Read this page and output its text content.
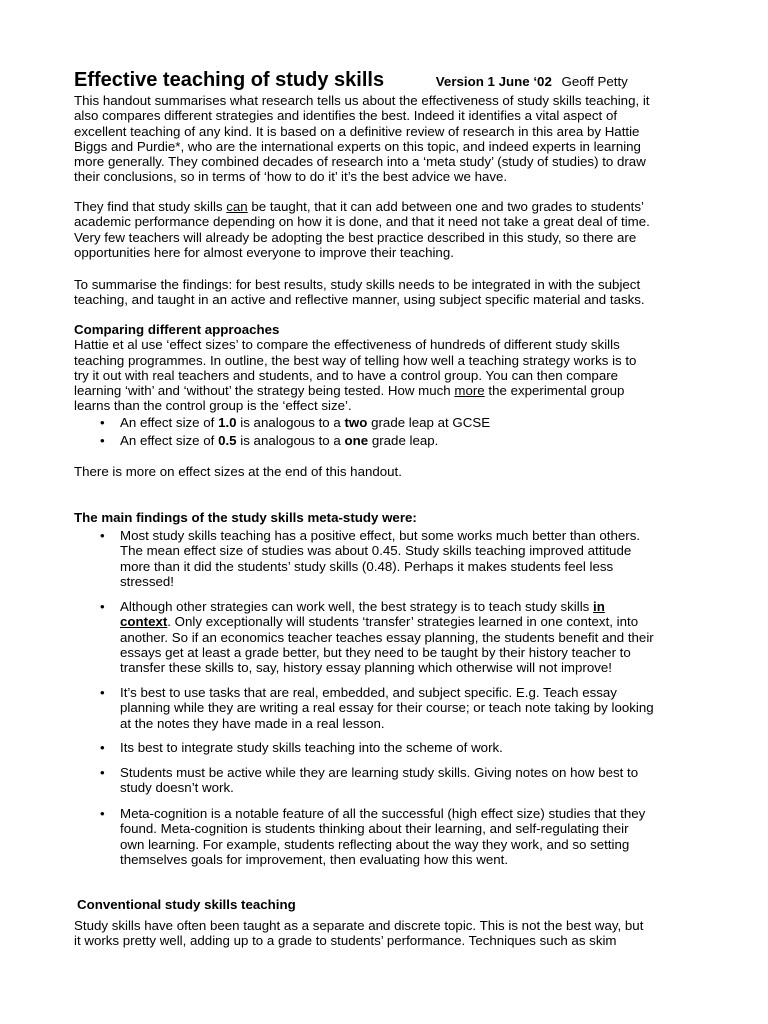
Effective teaching of study skills	Version 1 June ‘02 Geoff Petty
This handout summarises what research tells us about the effectiveness of study skills teaching, it
also compares different strategies and identifies the best. Indeed it identifies a vital aspect of
excellent teaching of any kind. It is based on a definitive review of research in this area by Hattie
Biggs and Purdie*, who are the international experts on this topic, and indeed experts in learning
more generally. They combined decades of research into a ‘meta study’ (study of studies) to draw
their conclusions, so in terms of ‘how to do it’ it’s the best advice we have.
They find that study skills can be taught, that it can add between one and two grades to students’
academic performance depending on how it is done, and that it need not take a great deal of time.
Very few teachers will already be adopting the best practice described in this study, so there are
opportunities here for almost everyone to improve their teaching.
To summarise the findings: for best results, study skills needs to be integrated in with the subject
teaching, and taught in an active and reflective manner, using subject specific material and tasks.
Comparing different approaches
Hattie et al use ‘effect sizes’ to compare the effectiveness of hundreds of different study skills
teaching programmes. In outline, the best way of telling how well a teaching strategy works is to
try it out with real teachers and students, and to have a control group. You can then compare
learning ‘with’ and ‘without’ the strategy being tested. How much more the experimental group
learns than the control group is the ‘effect size’.
•	An effect size of 1.0 is analogous to a two grade leap at GCSE
•	An effect size of 0.5 is analogous to a one grade leap.
There is more on effect sizes at the end of this handout.
The main findings of the study skills meta-study were:
•	Most study skills teaching has a positive effect, but some works much better than others.
The mean effect size of studies was about 0.45. Study skills teaching improved attitude
more than it did the students’ study skills (0.48). Perhaps it makes students feel less
stressed!
•	Although other strategies can work well, the best strategy is to teach study skills in
context. Only exceptionally will students ‘transfer’ strategies learned in one context, into
another. So if an economics teacher teaches essay planning, the students benefit and their
essays get at least a grade better, but they need to be taught by their history teacher to
transfer these skills to, say, history essay planning which otherwise will not improve!
•	It’s best to use tasks that are real, embedded, and subject specific. E.g. Teach essay
planning while they are writing a real essay for their course; or teach note taking by looking
at the notes they have made in a real lesson.
•	Its best to integrate study skills teaching into the scheme of work.
•	Students must be active while they are learning study skills. Giving notes on how best to
study doesn’t work.
•	Meta-cognition is a notable feature of all the successful (high effect size) studies that they
found. Meta-cognition is students thinking about their learning, and self-regulating their
own learning. For example, students reflecting about the way they work, and so setting
themselves goals for improvement, then evaluating how this went.
Conventional study skills teaching
Study skills have often been taught as a separate and discrete topic. This is not the best way, but
it works pretty well, adding up to a grade to students’ performance. Techniques such as skim
